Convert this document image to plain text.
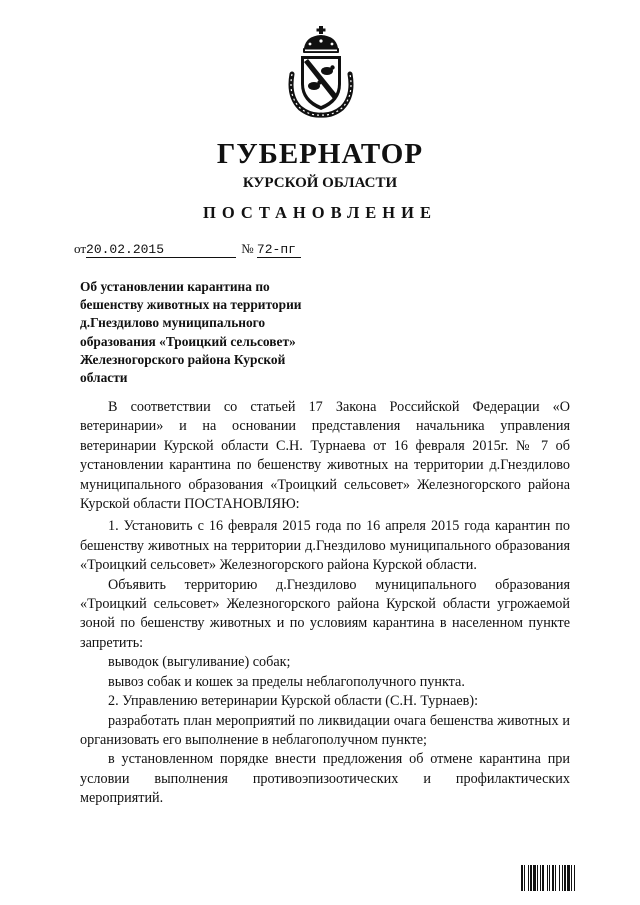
ГУБЕРНАТОР
КУРСКОЙ ОБЛАСТИ
ПОСТАНОВЛЕНИЕ
от20.02.2015	№ 72-пг
Об установлении карантина по
бешенству животных на территории
д.Гнездилово муниципального
образования «Троицкий сельсовет»
Железногорского района Курской
области

В соответствии со статьей 17 Закона Российской Федерации «О ветеринарии» и на основании представления начальника управления ветеринарии Курской области С.Н. Турнаева от 16 февраля 2015г. № 7 об установлении карантина по бешенству животных на территории д.Гнездилово муниципального образования «Троицкий сельсовет» Железногорского района Курской области ПОСТАНОВЛЯЮ:

1. Установить с 16 февраля 2015 года по 16 апреля 2015 года карантин по бешенству животных на территории д.Гнездилово муниципального образования «Троицкий сельсовет» Железногорского района Курской области.

Объявить территорию д.Гнездилово муниципального образования «Троицкий сельсовет» Железногорского района Курской области угрожаемой зоной по бешенству животных и по условиям карантина в населенном пункте запретить:

выводок (выгуливание) собак;

вывоз собак и кошек за пределы неблагополучного пункта.

2. Управлению ветеринарии Курской области (С.Н. Турнаев):

разработать план мероприятий по ликвидации очага бешенства животных и организовать его выполнение в неблагополучном пункте;

в установленном порядке внести предложения об отмене карантина при условии выполнения противоэпизоотических и профилактических мероприятий.
